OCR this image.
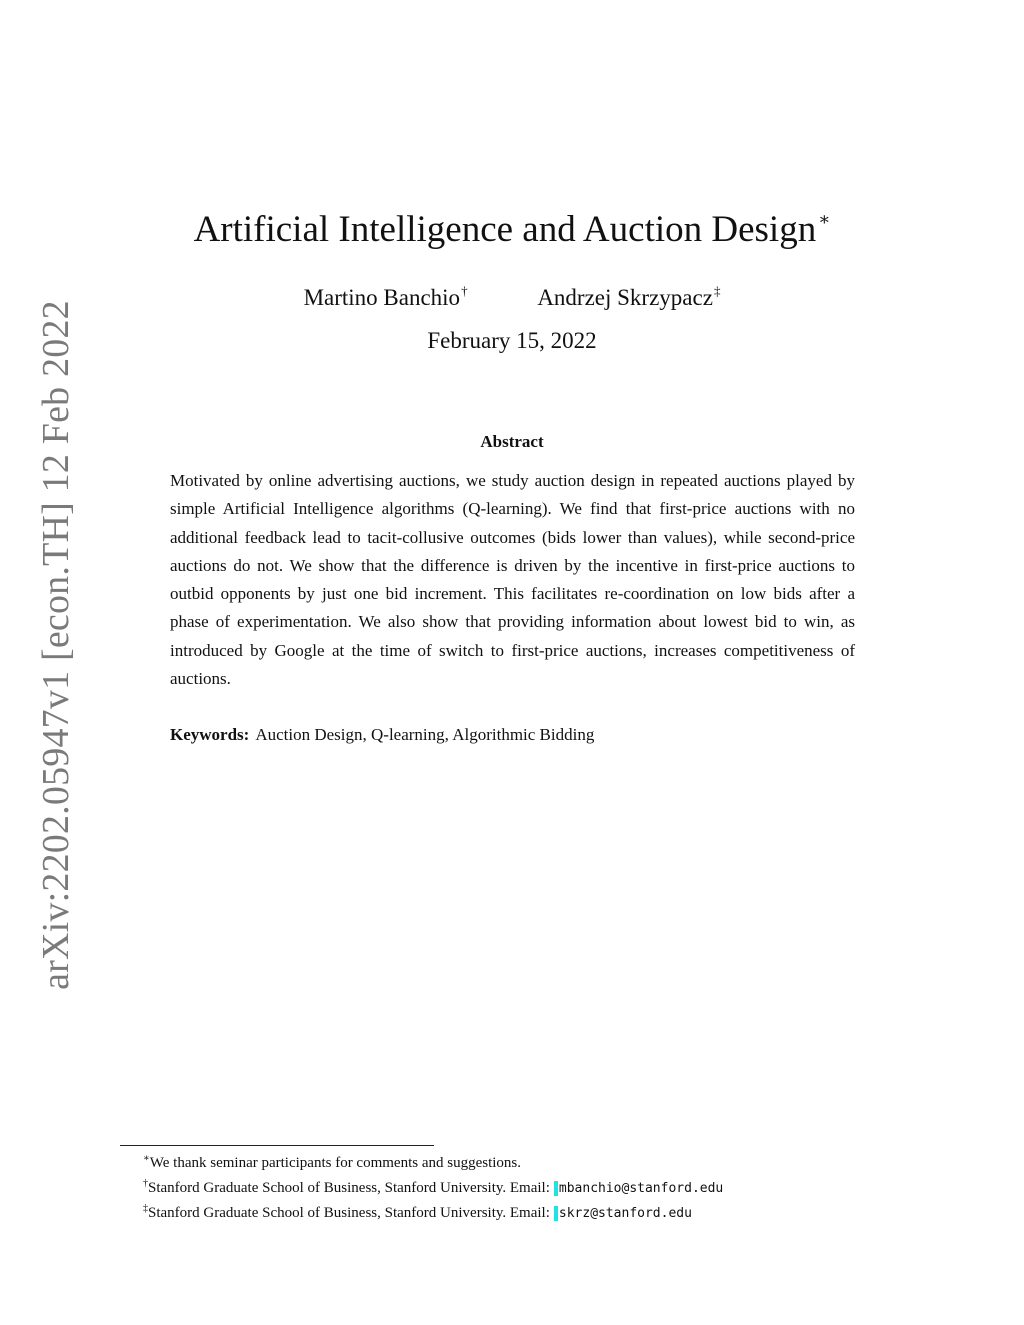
arXiv:2202.05947v1 [econ.TH] 12 Feb 2022
Artificial Intelligence and Auction Design ∗
Martino Banchio†	Andrzej Skrzypacz‡
February 15, 2022
Abstract

Motivated by online advertising auctions, we study auction design in repeated auctions played by simple Artificial Intelligence algorithms (Q-learning). We find that first-price auctions with no additional feedback lead to tacit-collusive outcomes (bids lower than values), while second-price auctions do not. We show that the difference is driven by the incentive in first-price auctions to outbid opponents by just one bid increment. This facilitates re-coordination on low bids after a phase of experimentation. We also show that providing information about lowest bid to win, as introduced by Google at the time of switch to first-price auctions, increases competitiveness of auctions.

Keywords: Auction Design, Q-learning, Algorithmic Bidding
∗We thank seminar participants for comments and suggestions.
†Stanford Graduate School of Business, Stanford University. Email: mbanchio@stanford.edu
‡Stanford Graduate School of Business, Stanford University. Email: skrz@stanford.edu
